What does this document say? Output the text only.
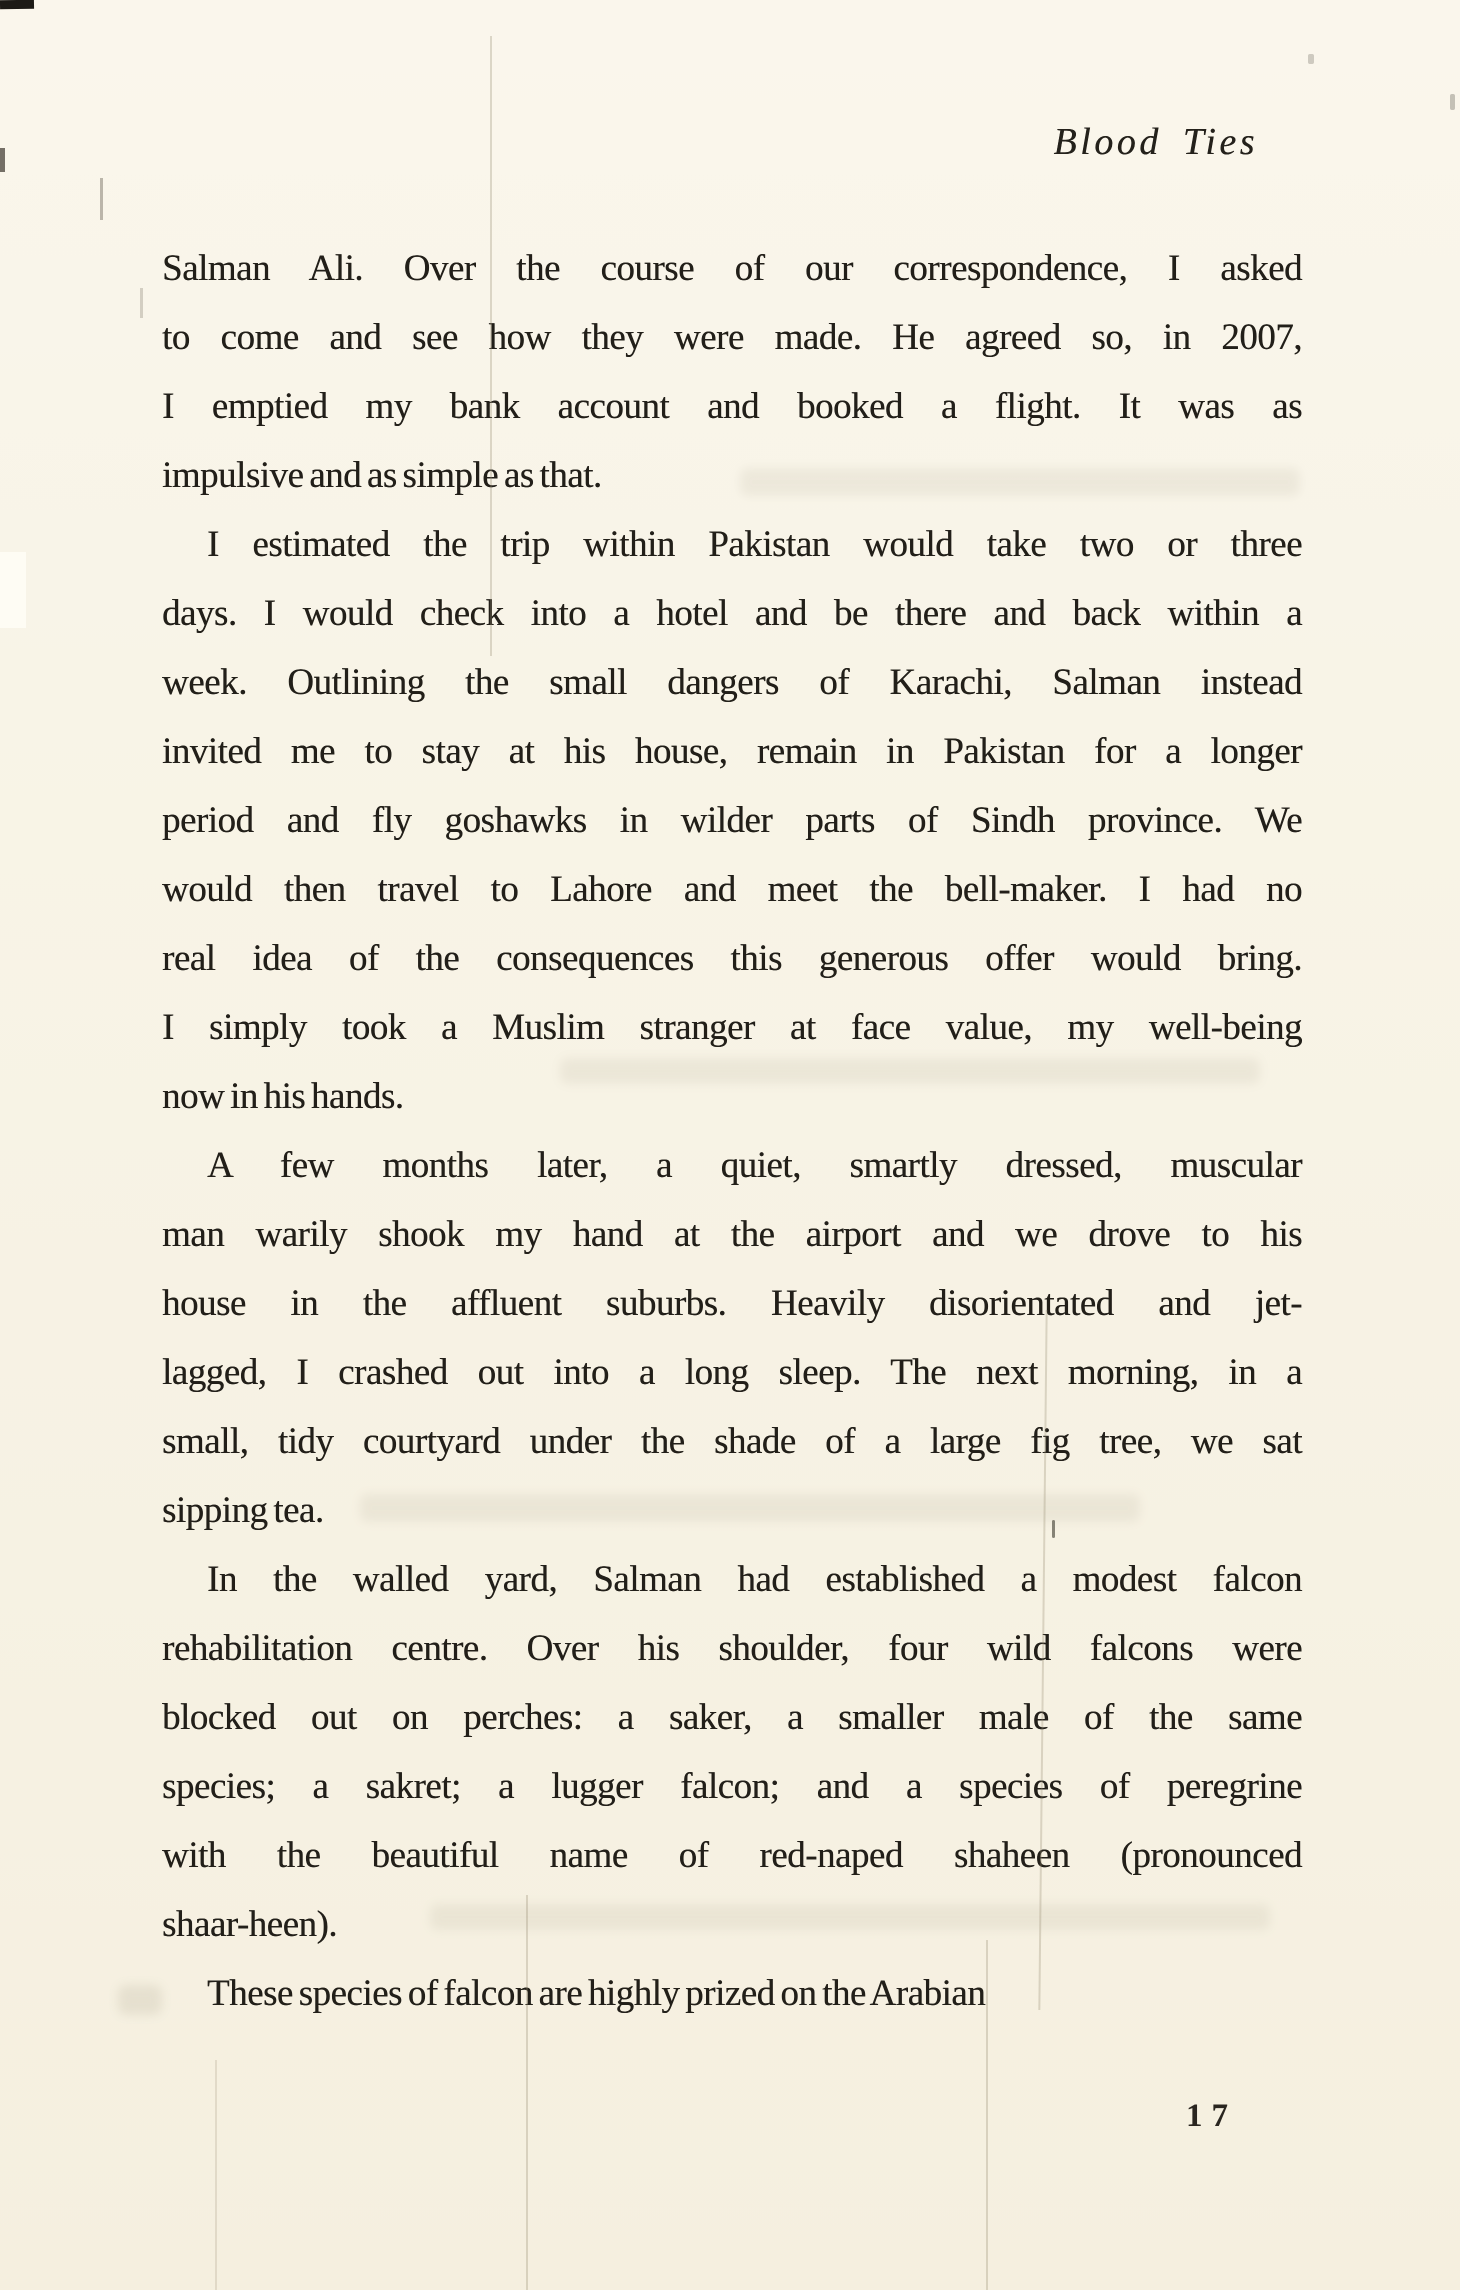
Blood Ties
Salman Ali. Over the course of our correspondence, I asked
to come and see how they were made. He agreed so, in 2007,
I emptied my bank account and booked a flight. It was as
impulsive and as simple as that.
I estimated the trip within Pakistan would take two or three
days. I would check into a hotel and be there and back within a
week. Outlining the small dangers of Karachi, Salman instead
invited me to stay at his house, remain in Pakistan for a longer
period and fly goshawks in wilder parts of Sindh province. We
would then travel to Lahore and meet the bell-maker. I had no
real idea of the consequences this generous offer would bring.
I simply took a Muslim stranger at face value, my well-being
now in his hands.
A few months later, a quiet, smartly dressed, muscular
man warily shook my hand at the airport and we drove to his
house in the affluent suburbs. Heavily disorientated and jet-
lagged, I crashed out into a long sleep. The next morning, in a
small, tidy courtyard under the shade of a large fig tree, we sat
sipping tea.
In the walled yard, Salman had established a modest falcon
rehabilitation centre. Over his shoulder, four wild falcons were
blocked out on perches: a saker, a smaller male of the same
species; a sakret; a lugger falcon; and a species of peregrine
with the beautiful name of red-naped shaheen (pronounced
shaar-heen).
These species of falcon are highly prized on the Arabian
17
